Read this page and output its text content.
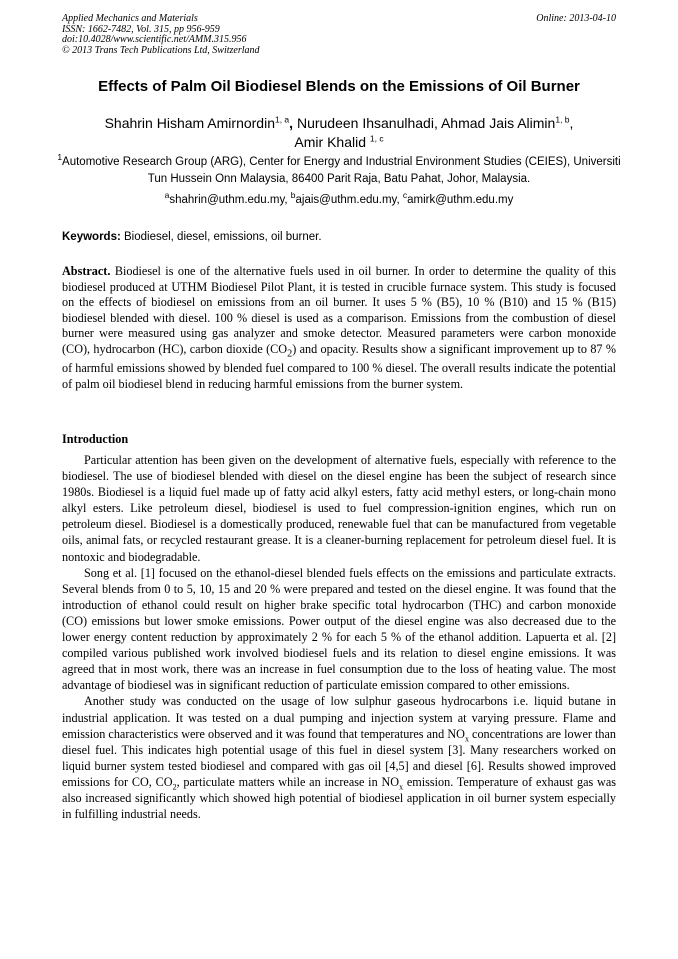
Applied Mechanics and Materials
ISSN: 1662-7482, Vol. 315, pp 956-959
doi:10.4028/www.scientific.net/AMM.315.956
© 2013 Trans Tech Publications Ltd, Switzerland
Online: 2013-04-10
Effects of Palm Oil Biodiesel Blends on the Emissions of Oil Burner
Shahrin Hisham Amirnordin$^{1, a}$, Nurudeen Ihsanulhadi, Ahmad Jais Alimin$^{1, b}$,
Amir Khalid $^{1, c}$
$^1$Automotive Research Group (ARG), Center for Energy and Industrial Environment Studies (CEIES), Universiti Tun Hussein Onn Malaysia, 86400 Parit Raja, Batu Pahat, Johor, Malaysia.
$^a$shahrin@uthm.edu.my, $^b$ajais@uthm.edu.my, $^c$amirk@uthm.edu.my
Keywords: Biodiesel, diesel, emissions, oil burner.

Abstract. Biodiesel is one of the alternative fuels used in oil burner. In order to determine the quality of this biodiesel produced at UTHM Biodiesel Pilot Plant, it is tested in crucible furnace system. This study is focused on the effects of biodiesel on emissions from an oil burner. It uses 5 % (B5), 10 % (B10) and 15 % (B15) biodiesel blended with diesel. 100 % diesel is used as a comparison. Emissions from the combustion of diesel burner were measured using gas analyzer and smoke detector. Measured parameters were carbon monoxide (CO), hydrocarbon (HC), carbon dioxide $(CO_2)$ and opacity. Results show a significant improvement up to 87 % of harmful emissions showed by blended fuel compared to 100 % diesel. The overall results indicate the potential of palm oil biodiesel blend in reducing harmful emissions from the burner system.

Introduction

Particular attention has been given on the development of alternative fuels, especially with reference to the biodiesel. The use of biodiesel blended with diesel on the diesel engine has been the subject of research since 1980s. Biodiesel is a liquid fuel made up of fatty acid alkyl esters, fatty acid methyl esters, or long-chain mono alkyl esters. Like petroleum diesel, biodiesel is used to fuel compression-ignition engines, which run on petroleum diesel. Biodiesel is a domestically produced, renewable fuel that can be manufactured from vegetable oils, animal fats, or recycled restaurant grease. It is a cleaner-burning replacement for petroleum diesel fuel. It is nontoxic and biodegradable.

Song et al. [1] focused on the ethanol-diesel blended fuels effects on the emissions and particulate extracts. Several blends from 0 to 5, 10, 15 and 20 % were prepared and tested on the diesel engine. It was found that the introduction of ethanol could result on higher brake specific total hydrocarbon (THC) and carbon monoxide (CO) emissions but lower smoke emissions. Power output of the diesel engine was also decreased due to the lower energy content reduction by approximately 2 % for each 5 % of the ethanol addition. Lapuerta et al. [2] compiled various published work involved biodiesel fuels and its relation to diesel engine emissions. It was agreed that in most work, there was an increase in fuel consumption due to the loss of heating value. The most advantage of biodiesel was in significant reduction of particulate emission compared to other emissions.

Another study was conducted on the usage of low sulphur gaseous hydrocarbons i.e. liquid butane in industrial application. It was tested on a dual pumping and injection system at varying pressure. Flame and emission characteristics were observed and it was found that temperatures and $NO_x$ concentrations are lower than diesel fuel. This indicates high potential usage of this fuel in diesel system [3]. Many researchers worked on liquid burner system tested biodiesel and compared with gas oil [4,5] and diesel [6]. Results showed improved emissions for CO, $CO_2$, particulate matters while an increase in $NO_x$ emission. Temperature of exhaust gas was also increased significantly which showed high potential of biodiesel application in oil burner system especially in fulfilling industrial needs.
